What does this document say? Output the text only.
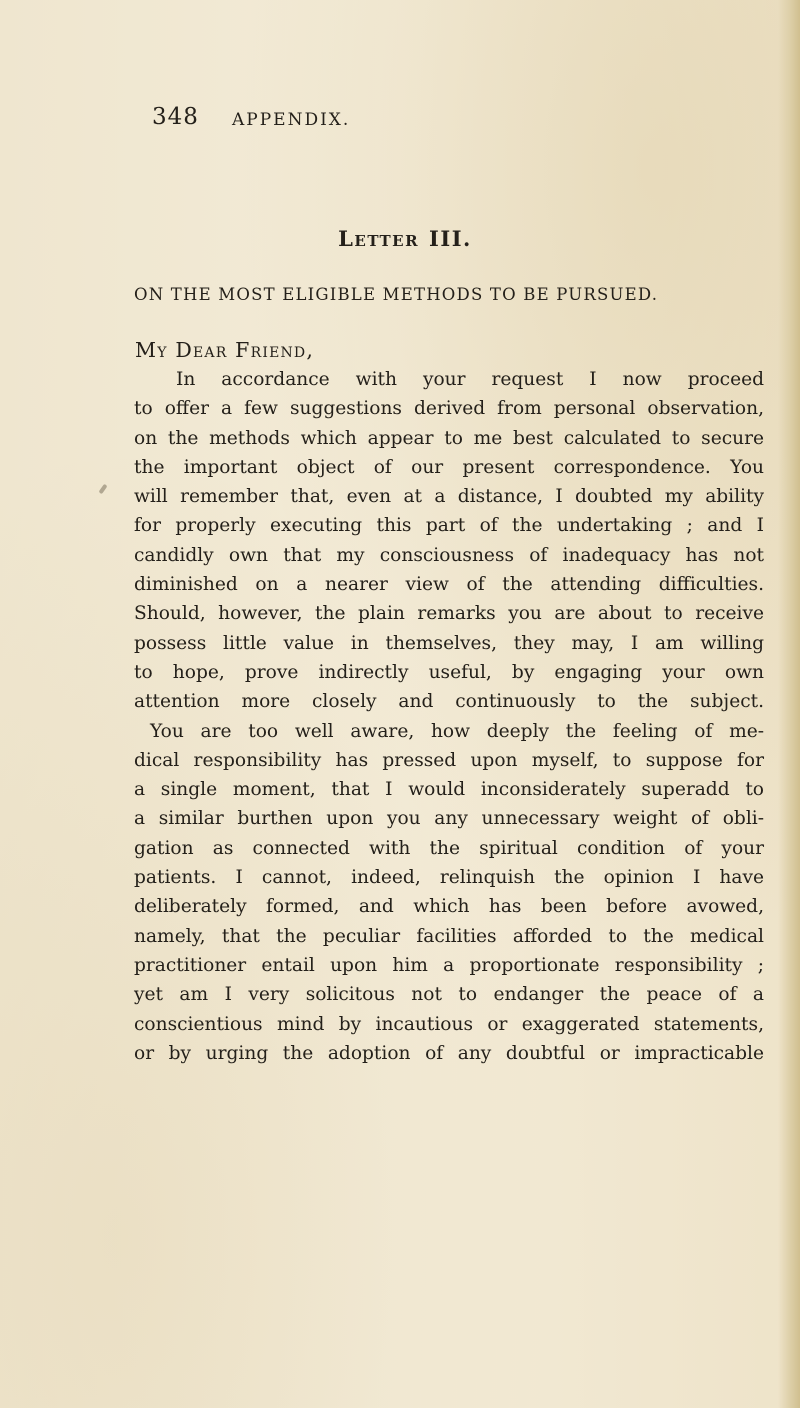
348 APPENDIX.

Letter III.

ON THE MOST ELIGIBLE METHODS TO BE PURSUED.

My Dear Friend,

In accordance with your request I now proceed
to offer a few suggestions derived from personal observation,
on the methods which appear to me best calculated to secure
the important object of our present correspondence. You
will remember that, even at a distance, I doubted my ability
for properly executing this part of the undertaking ; and I
candidly own that my consciousness of inadequacy has not
diminished on a nearer view of the attending difficulties.
Should, however, the plain remarks you are about to receive
possess little value in themselves, they may, I am willing
to hope, prove indirectly useful, by engaging your own
attention more closely and continuously to the subject.
You are too well aware, how deeply the feeling of me-
dical responsibility has pressed upon myself, to suppose for
a single moment, that I would inconsiderately superadd to
a similar burthen upon you any unnecessary weight of obli-
gation as connected with the spiritual condition of your
patients. I cannot, indeed, relinquish the opinion I have
deliberately formed, and which has been before avowed,
namely, that the peculiar facilities afforded to the medical
practitioner entail upon him a proportionate responsibility ;
yet am I very solicitous not to endanger the peace of a
conscientious mind by incautious or exaggerated statements,
or by urging the adoption of any doubtful or impracticable
